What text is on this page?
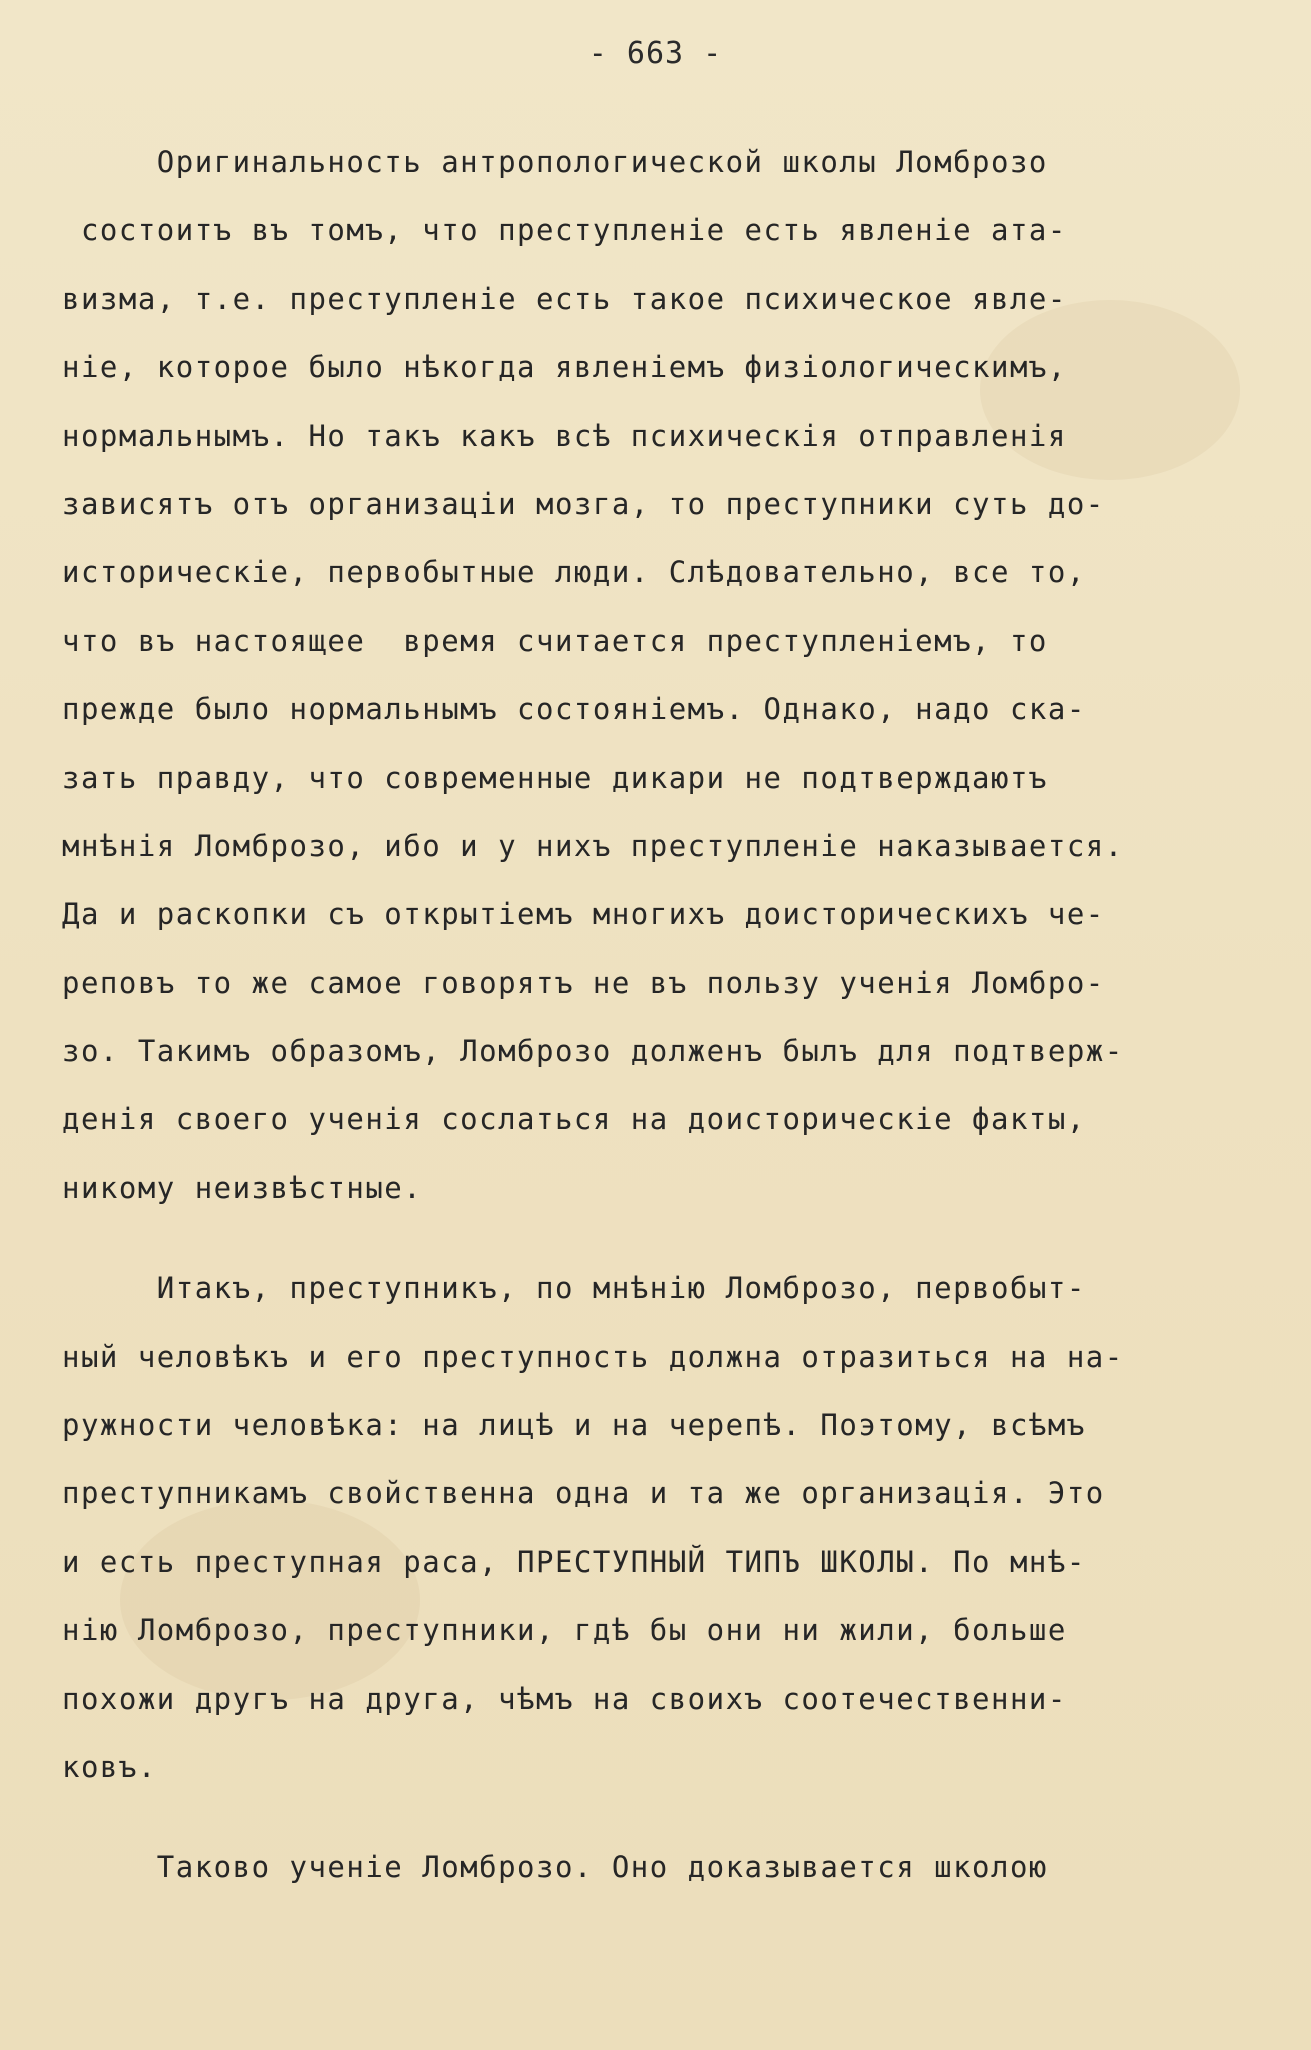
- 663 -
Оригинальность антропологической школы Ломброзо
состоитъ въ томъ, что преступленіе есть явленіе ата-
визма, т.е. преступленіе есть такое психическое явле-
ніе, которое было нѣкогда явленіемъ физіологическимъ,
нормальнымъ. Но такъ какъ всѣ психическія отправленія
зависятъ отъ организаціи мозга, то преступники суть до-
историческіе, первобытные люди. Слѣдовательно, все то,
что въ настоящее  время считается преступленіемъ, то
прежде было нормальнымъ состояніемъ. Однако, надо ска-
зать правду, что современные дикари не подтверждаютъ
мнѣнія Ломброзо, ибо и у нихъ преступленіе наказывается.
Да и раскопки съ открытіемъ многихъ доисторическихъ че-
реповъ то же самое говорятъ не въ пользу ученія Ломбро-
зо. Такимъ образомъ, Ломброзо долженъ былъ для подтверж-
денія своего ученія сослаться на доисторическіе факты,
никому неизвѣстные.
Итакъ, преступникъ, по мнѣнію Ломброзо, первобыт-
ный человѣкъ и его преступность должна отразиться на на-
ружности человѣка: на лицѣ и на черепѣ. Поэтому, всѣмъ
преступникамъ свойственна одна и та же организація. Это
и есть преступная раса, ПРЕСТУПНЫЙ ТИПЪ ШКОЛЫ. По мнѣ-
нію Ломброзо, преступники, гдѣ бы они ни жили, больше
похожи другъ на друга, чѣмъ на своихъ соотечественни-
ковъ.
Таково ученіе Ломброзо. Оно доказывается школою
